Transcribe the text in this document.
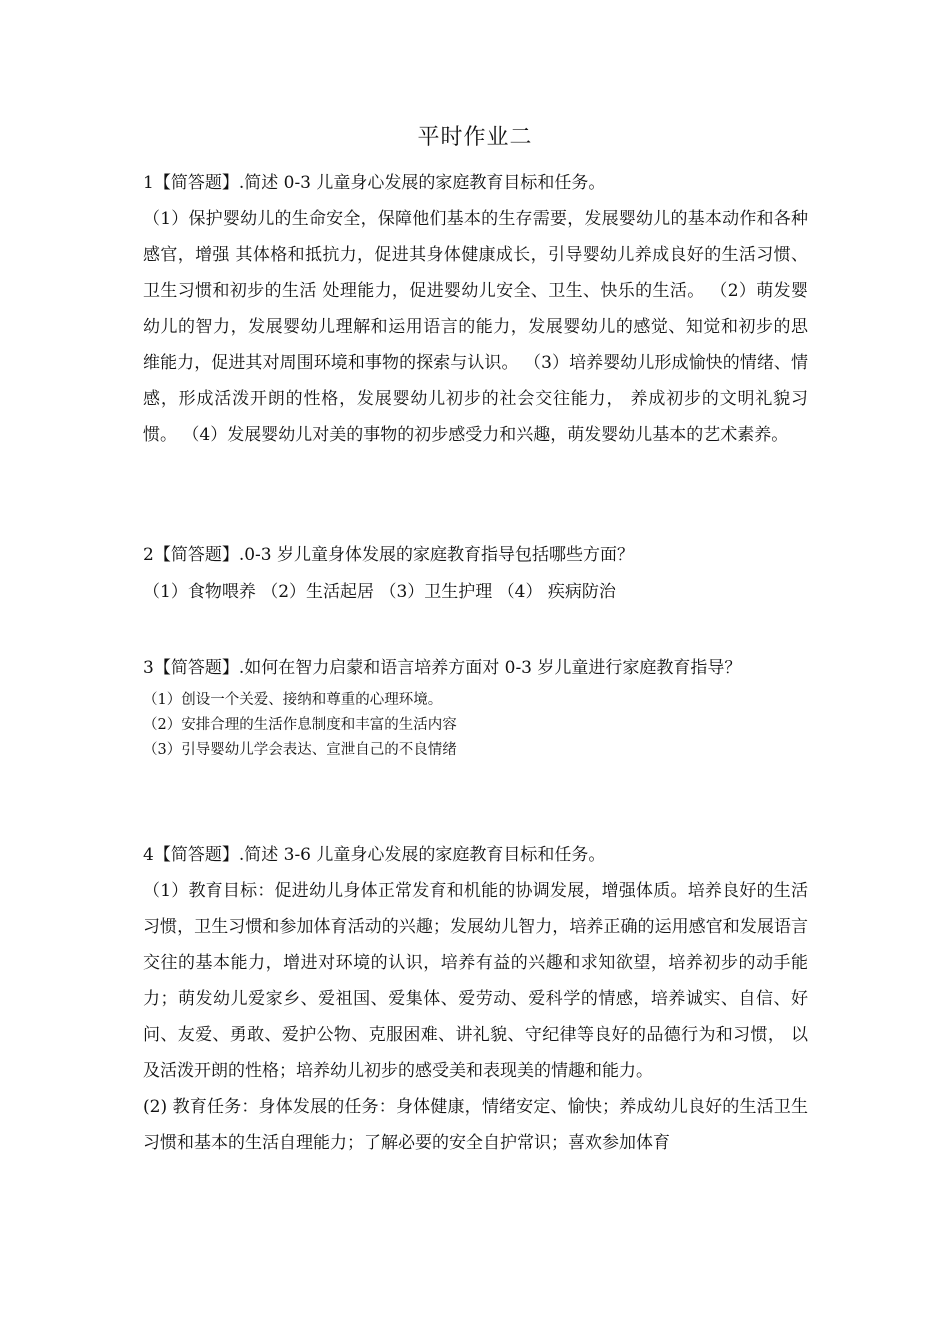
平时作业二
1【简答题】.简述 0-3 儿童身心发展的家庭教育目标和任务。

（1）保护婴幼儿的生命安全，保障他们基本的生存需要，发展婴幼儿的基本动作和各种感官，增强 其体格和抵抗力，促进其身体健康成长，引导婴幼儿养成良好的生活习惯、卫生习惯和初步的生活 处理能力，促进婴幼儿安全、卫生、快乐的生活。 （2）萌发婴幼儿的智力，发展婴幼儿理解和运用语言的能力，发展婴幼儿的感觉、知觉和初步的思 维能力，促进其对周围环境和事物的探索与认识。 （3）培养婴幼儿形成愉快的情绪、情感，形成活泼开朗的性格，发展婴幼儿初步的社会交往能力， 养成初步的文明礼貌习惯。 （4）发展婴幼儿对美的事物的初步感受力和兴趣，萌发婴幼儿基本的艺术素养。

2【简答题】.0-3 岁儿童身体发展的家庭教育指导包括哪些方面？
（1）食物喂养 （2）生活起居 （3）卫生护理 （4） 疾病防治
3【简答题】.如何在智力启蒙和语言培养方面对 0-3 岁儿童进行家庭教育指导？
（1）创设一个关爱、接纳和尊重的心理环境。
（2）安排合理的生活作息制度和丰富的生活内容
（3）引导婴幼儿学会表达、宣泄自己的不良情绪
4【简答题】.简述 3-6 儿童身心发展的家庭教育目标和任务。

（1）教育目标：促进幼儿身体正常发育和机能的协调发展，增强体质。培养良好的生活习惯，卫生习惯和参加体育活动的兴趣；发展幼儿智力，培养正确的运用感官和发展语言交往的基本能力，增进对环境的认识，培养有益的兴趣和求知欲望，培养初步的动手能力；萌发幼儿爱家乡、爱祖国、爱集体、爱劳动、爱科学的情感，培养诚实、自信、好问、友爱、勇敢、爱护公物、克服困难、讲礼貌、守纪律等良好的品德行为和习惯， 以及活泼开朗的性格；培养幼儿初步的感受美和表现美的情趣和能力。

(2) 教育任务：身体发展的任务：身体健康，情绪安定、愉快；养成幼儿良好的生活卫生习惯和基本的生活自理能力；了解必要的安全自护常识；喜欢参加体育
